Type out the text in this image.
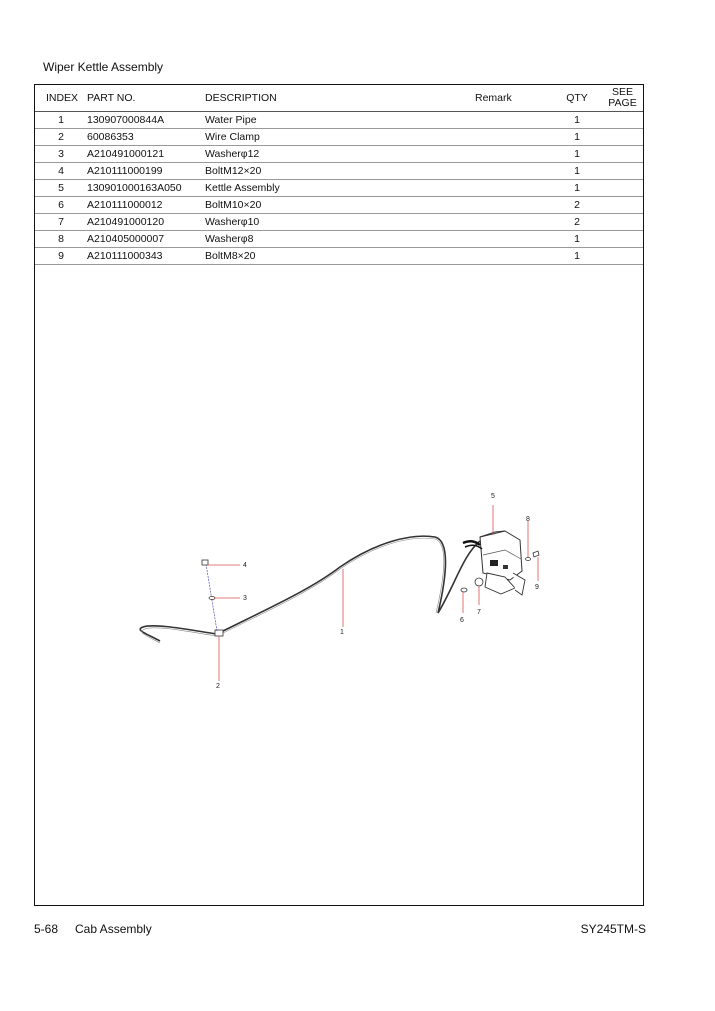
Wiper Kettle Assembly
INDEX	PART NO.	DESCRIPTION	Remark	QTY	SEE
PAGE
1	130907000844A	Water Pipe		1	
2	60086353	Wire Clamp		1	
3	A210491000121	Washerφ12		1	
4	A210111000199	BoltM12×20		1	
5	130901000163A050	Kettle Assembly		1	
6	A210111000012	BoltM10×20		2	
7	A210491000120	Washerφ10		2	
8	A210405000007	Washerφ8		1	
9	A210111000343	BoltM8×20		1	
4
3
2
1
5
8
9
6
7
5-68 Cab Assembly	SY245TM-S
